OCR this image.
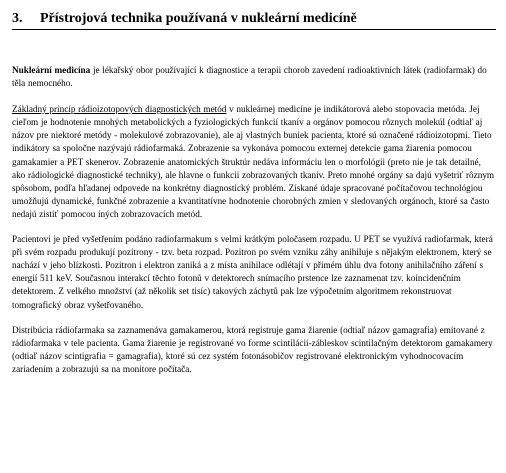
3. Přístrojová technika používaná v nukleární medicíně

Nukleární medicína je lékařský obor používající k diagnostice a terapii chorob zavedení radioaktivních látek (radiofarmak) do těla nemocného.

Základný princíp rádioizotopových diagnostických metód v nukleárnej medicíne je indikátorová alebo stopovacia metóda. Jej cieľom je hodnotenie mnohých metabolických a fyziologických funkcií tkanív a orgánov pomocou rôznych molekúl (odtiaľ aj názov pre niektoré metódy - molekulové zobrazovanie), ale aj vlastných buniek pacienta, ktoré sú označené rádioizotopmi. Tieto indikátory sa spoločne nazývajú rádiofarmaká. Zobrazenie sa vykonáva pomocou externej detekcie gama žiarenia pomocou gamakamier a PET skenerov. Zobrazenie anatomických štruktúr nedáva informáciu len o morfológii (preto nie je tak detailné, ako rádiologické diagnostické techniky), ale hlavne o funkcii zobrazovaných tkanív. Preto mnohé orgány sa dajú vyšetriť rôznym spôsobom, podľa hľadanej odpovede na konkrétny diagnostický problém. Získané údaje spracované počítačovou technológiou umožňujú dynamické, funkčné zobrazenie a kvantitatívne hodnotenie chorobných zmien v sledovaných orgánoch, ktoré sa často nedajú zistiť pomocou iných zobrazovacích metód.

Pacientovi je před vyšetřením podáno radiofarmakum s velmi krátkým poločasem rozpadu. U PET se využívá radiofarmak, která při svém rozpadu produkují pozitrony - tzv. beta rozpad. Pozitron po svém vzniku záhy anihiluje s nějakým elektronem, který se nachází v jeho blízkosti. Pozitron i elektron zaniká a z místa anihilace odlétají v přímém úhlu dva fotony anihilačního záření s energií 511 keV. Současnou interakcí těchto fotonů v detektorech snímacího prstence lze zaznamenat tzv. koincidenčním detektorem. Z velkého množství (až několik set tisíc) takových záchytů pak lze výpočetním algoritmem rekonstruovat tomografický obraz vyšetřovaného.

Distribúcia rádiofarmaka sa zaznamenáva gamakamerou, ktorá registruje gama žiarenie (odtiaľ názov gamagrafia) emitované z rádiofarmaka v tele pacienta. Gama žiarenie je registrované vo forme scintilácií-zábleskov scintilačným detektorom gamakamery (odtiaľ názov scintigrafia = gamagrafia), ktoré sú cez systém fotonásobičov registrované elektronickým vyhodnocovacím zariadením a zobrazujú sa na monitore počítača.
